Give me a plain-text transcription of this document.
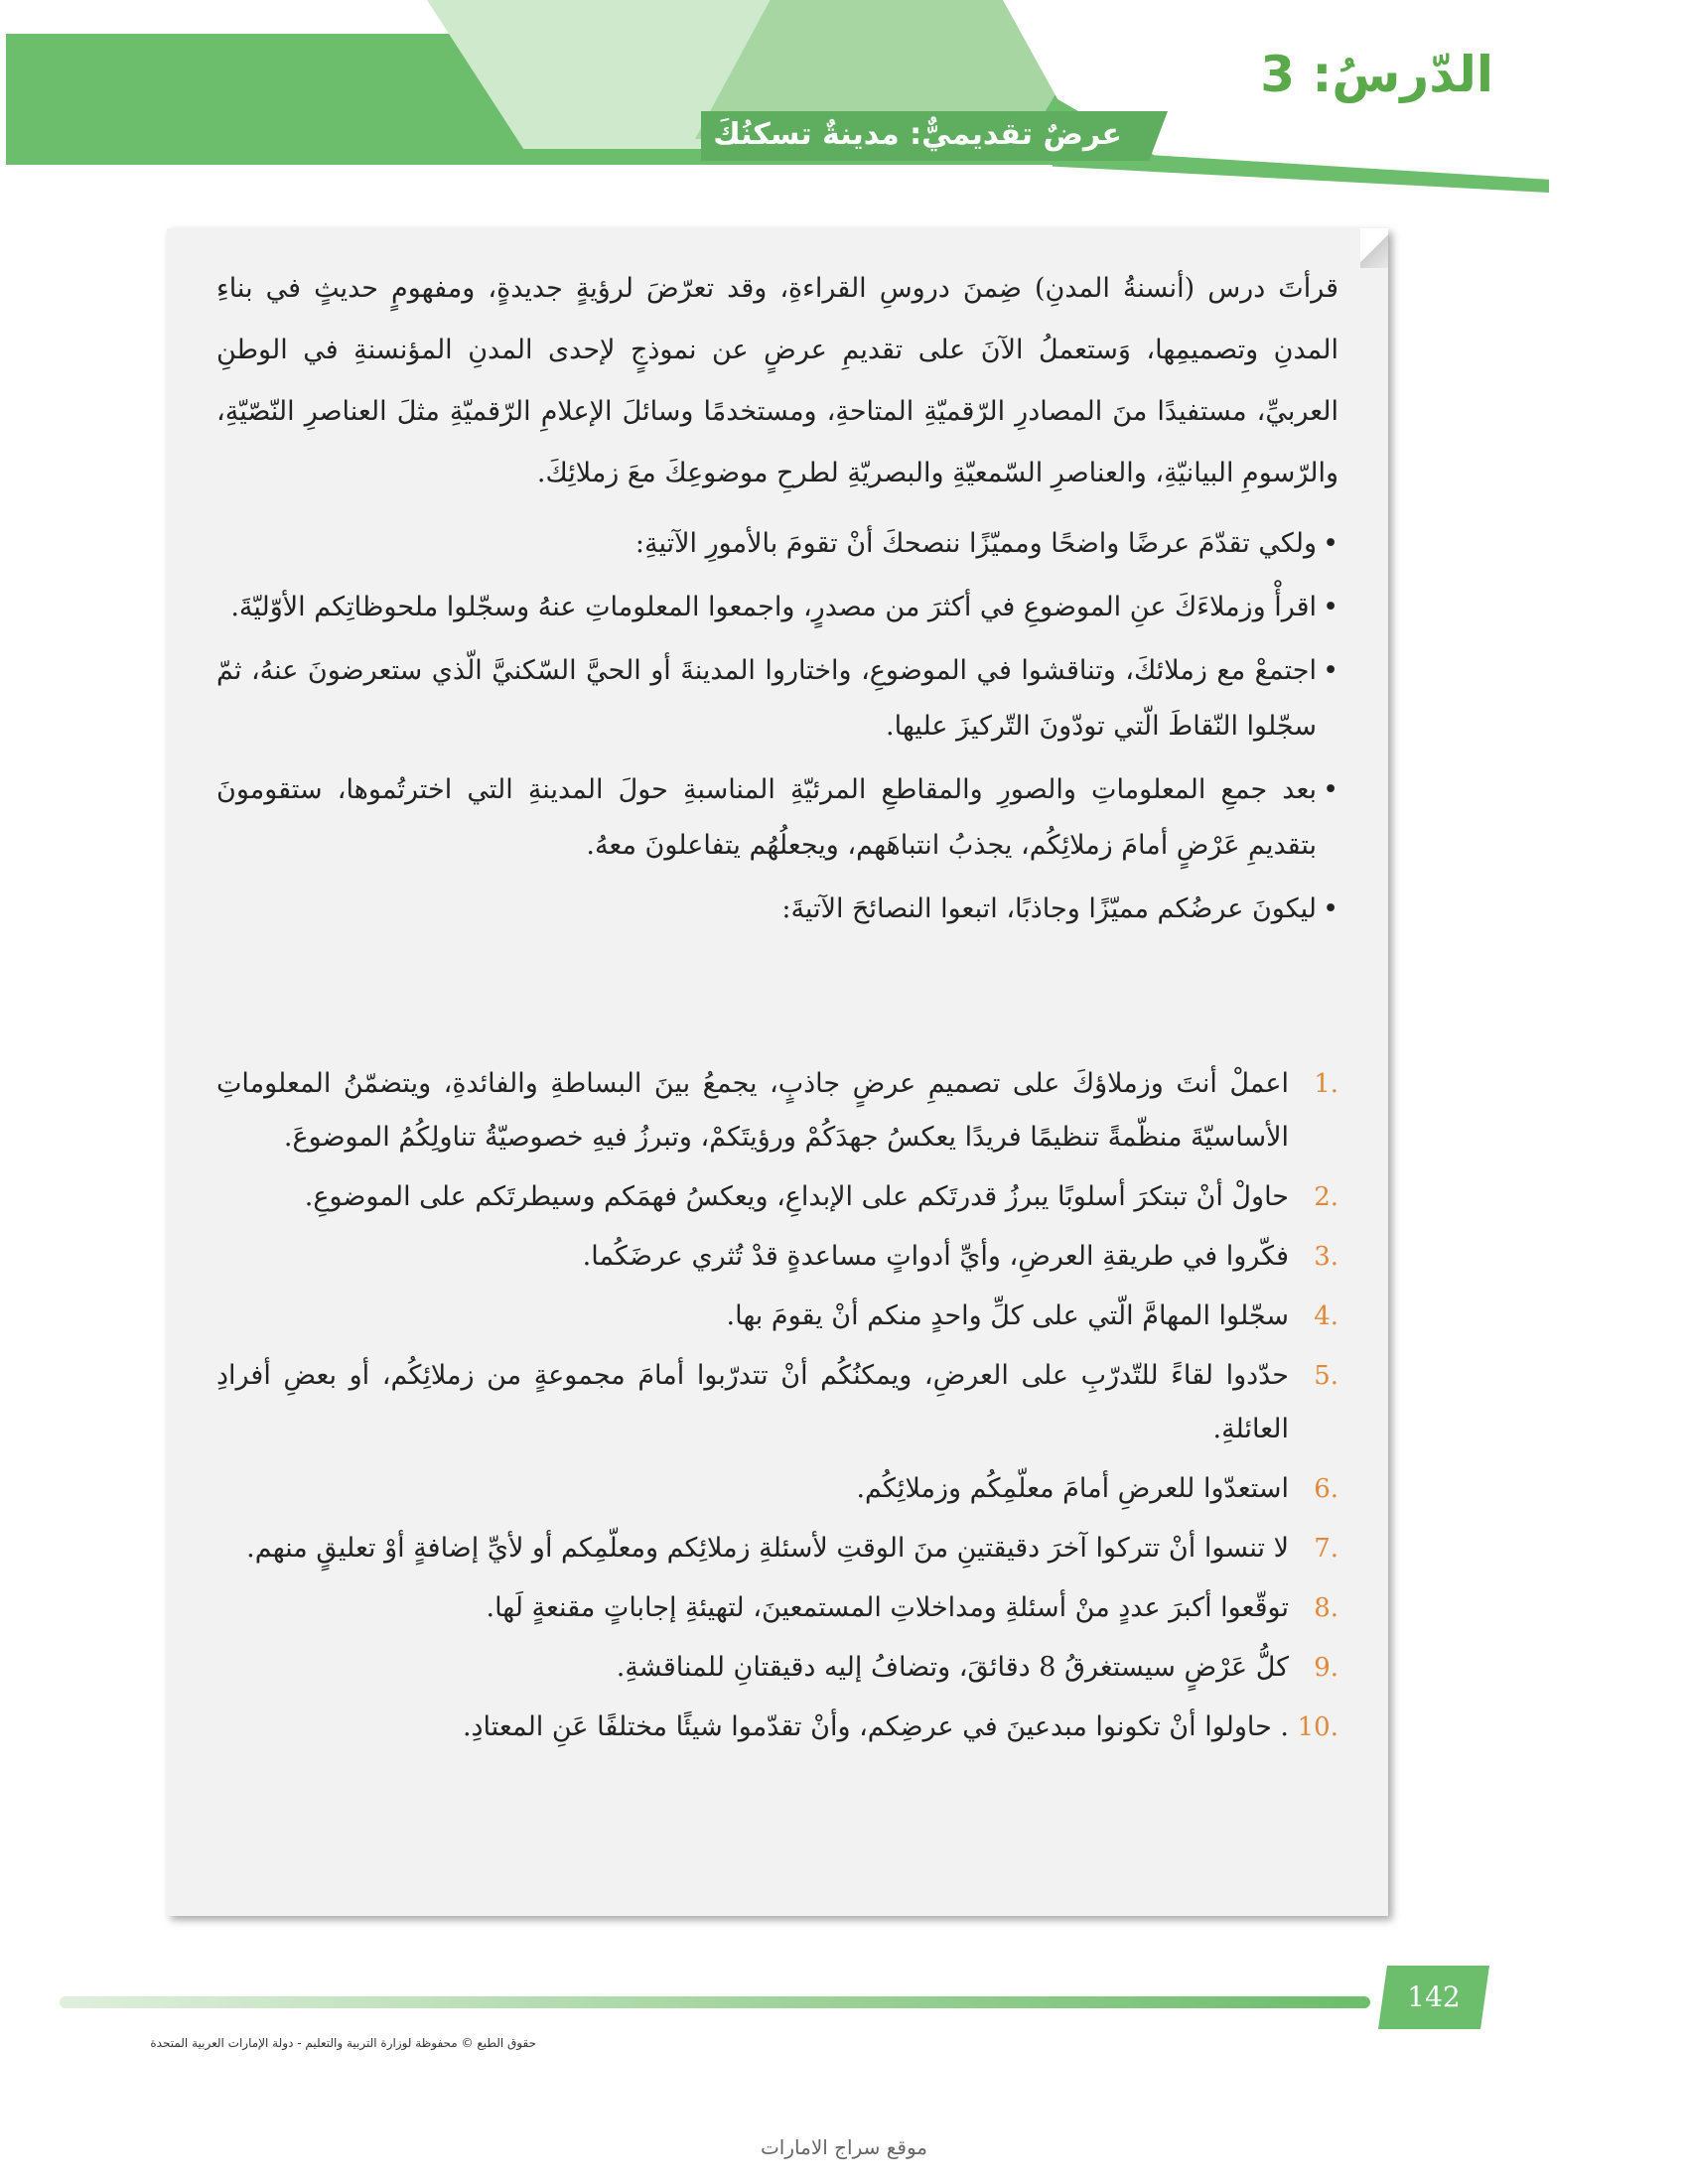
الدّرسُ: 3
عرضٌ تقديميٌّ: مدينةٌ تسكنُكَ

قرأتَ درس (أنسنةُ المدنِ) ضِمنَ دروسِ القراءةِ، وقد تعرّضَ لرؤيةٍ جديدةٍ، ومفهومٍ حديثٍ في بناءِ المدنِ وتصميمِها، وَستعملُ الآنَ على تقديمِ عرضٍ عن نموذجٍ لإحدى المدنِ المؤنسنةِ في الوطنِ العربيِّ، مستفيدًا منَ المصادرِ الرّقميّةِ المتاحةِ، ومستخدمًا وسائلَ الإعلامِ الرّقميّةِ مثلَ العناصرِ النّصّيّةِ، والرّسومِ البيانيّةِ، والعناصرِ السّمعيّةِ والبصريّةِ لطرحِ موضوعِكَ معَ زملائِكَ.

• ولكي تقدّمَ عرضًا واضحًا ومميّزًا ننصحكَ أنْ تقومَ بالأمورِ الآتيةِ:
• اقرأْ وزملاءَكَ عنِ الموضوعِ في أكثرَ من مصدرٍ، واجمعوا المعلوماتِ عنهُ وسجّلوا ملحوظاتِكم الأوّليّةَ.
• اجتمعْ مع زملائكَ، وتناقشوا في الموضوعِ، واختاروا المدينةَ أو الحيَّ السّكنيَّ الّذي ستعرضونَ عنهُ، ثمّ سجّلوا النّقاطَ الّتي تودّونَ التّركيزَ عليها.
• بعد جمعِ المعلوماتِ والصورِ والمقاطعِ المرئيّةِ المناسبةِ حولَ المدينةِ التي اخترتُموها، ستقومونَ بتقديمِ عَرْضٍ أمامَ زملائِكُم، يجذبُ انتباهَهم، ويجعلُهُم يتفاعلونَ معهُ.
• ليكونَ عرضُكم مميّزًا وجاذبًا، اتبعوا النصائحَ الآتيةَ:
1.
اعملْ أنتَ وزملاؤكَ على تصميمِ عرضٍ جاذبٍ، يجمعُ بينَ البساطةِ والفائدةِ، ويتضمّنُ المعلوماتِ الأساسيّةَ منظّمةً تنظيمًا فريدًا يعكسُ جهدَكُمْ ورؤيتَكمْ، وتبرزُ فيهِ خصوصيّةُ تناولِكُمُ الموضوعَ.
2.
حاولْ أنْ تبتكرَ أسلوبًا يبرزُ قدرتَكم على الإبداعِ، ويعكسُ فهمَكم وسيطرتَكم على الموضوعِ.
3.
فكّروا في طريقةِ العرضِ، وأيِّ أدواتٍ مساعدةٍ قدْ تُثري عرضَكُما.
4.
سجّلوا المهامَّ الّتي على كلِّ واحدٍ منكم أنْ يقومَ بها.
5.
حدّدوا لقاءً للتّدرّبِ على العرضِ، ويمكنُكُم أنْ تتدرّبوا أمامَ مجموعةٍ من زملائِكُم، أو بعضِ أفرادِ العائلةِ.
6.
استعدّوا للعرضِ أمامَ معلّمِكُم وزملائِكُم.
7.
لا تنسوا أنْ تتركوا آخرَ دقيقتينِ منَ الوقتِ لأسئلةِ زملائِكم ومعلّمِكم أو لأيِّ إضافةٍ أوْ تعليقٍ منهم.
8.
توقّعوا أكبرَ عددٍ منْ أسئلةِ ومداخلاتِ المستمعينَ، لتهيئةِ إجاباتٍ مقنعةٍ لَها.
9.
كلُّ عَرْضٍ سيستغرقُ 8 دقائقَ، وتضافُ إليه دقيقتانِ للمناقشةِ.
10.
. حاولوا أنْ تكونوا مبدعينَ في عرضِكم، وأنْ تقدّموا شيئًا مختلفًا عَنِ المعتادِ.
142
حقوق الطبع © محفوظة لوزارة التربية والتعليم - دولة الإمارات العربية المتحدة
موقع سراج الامارات
